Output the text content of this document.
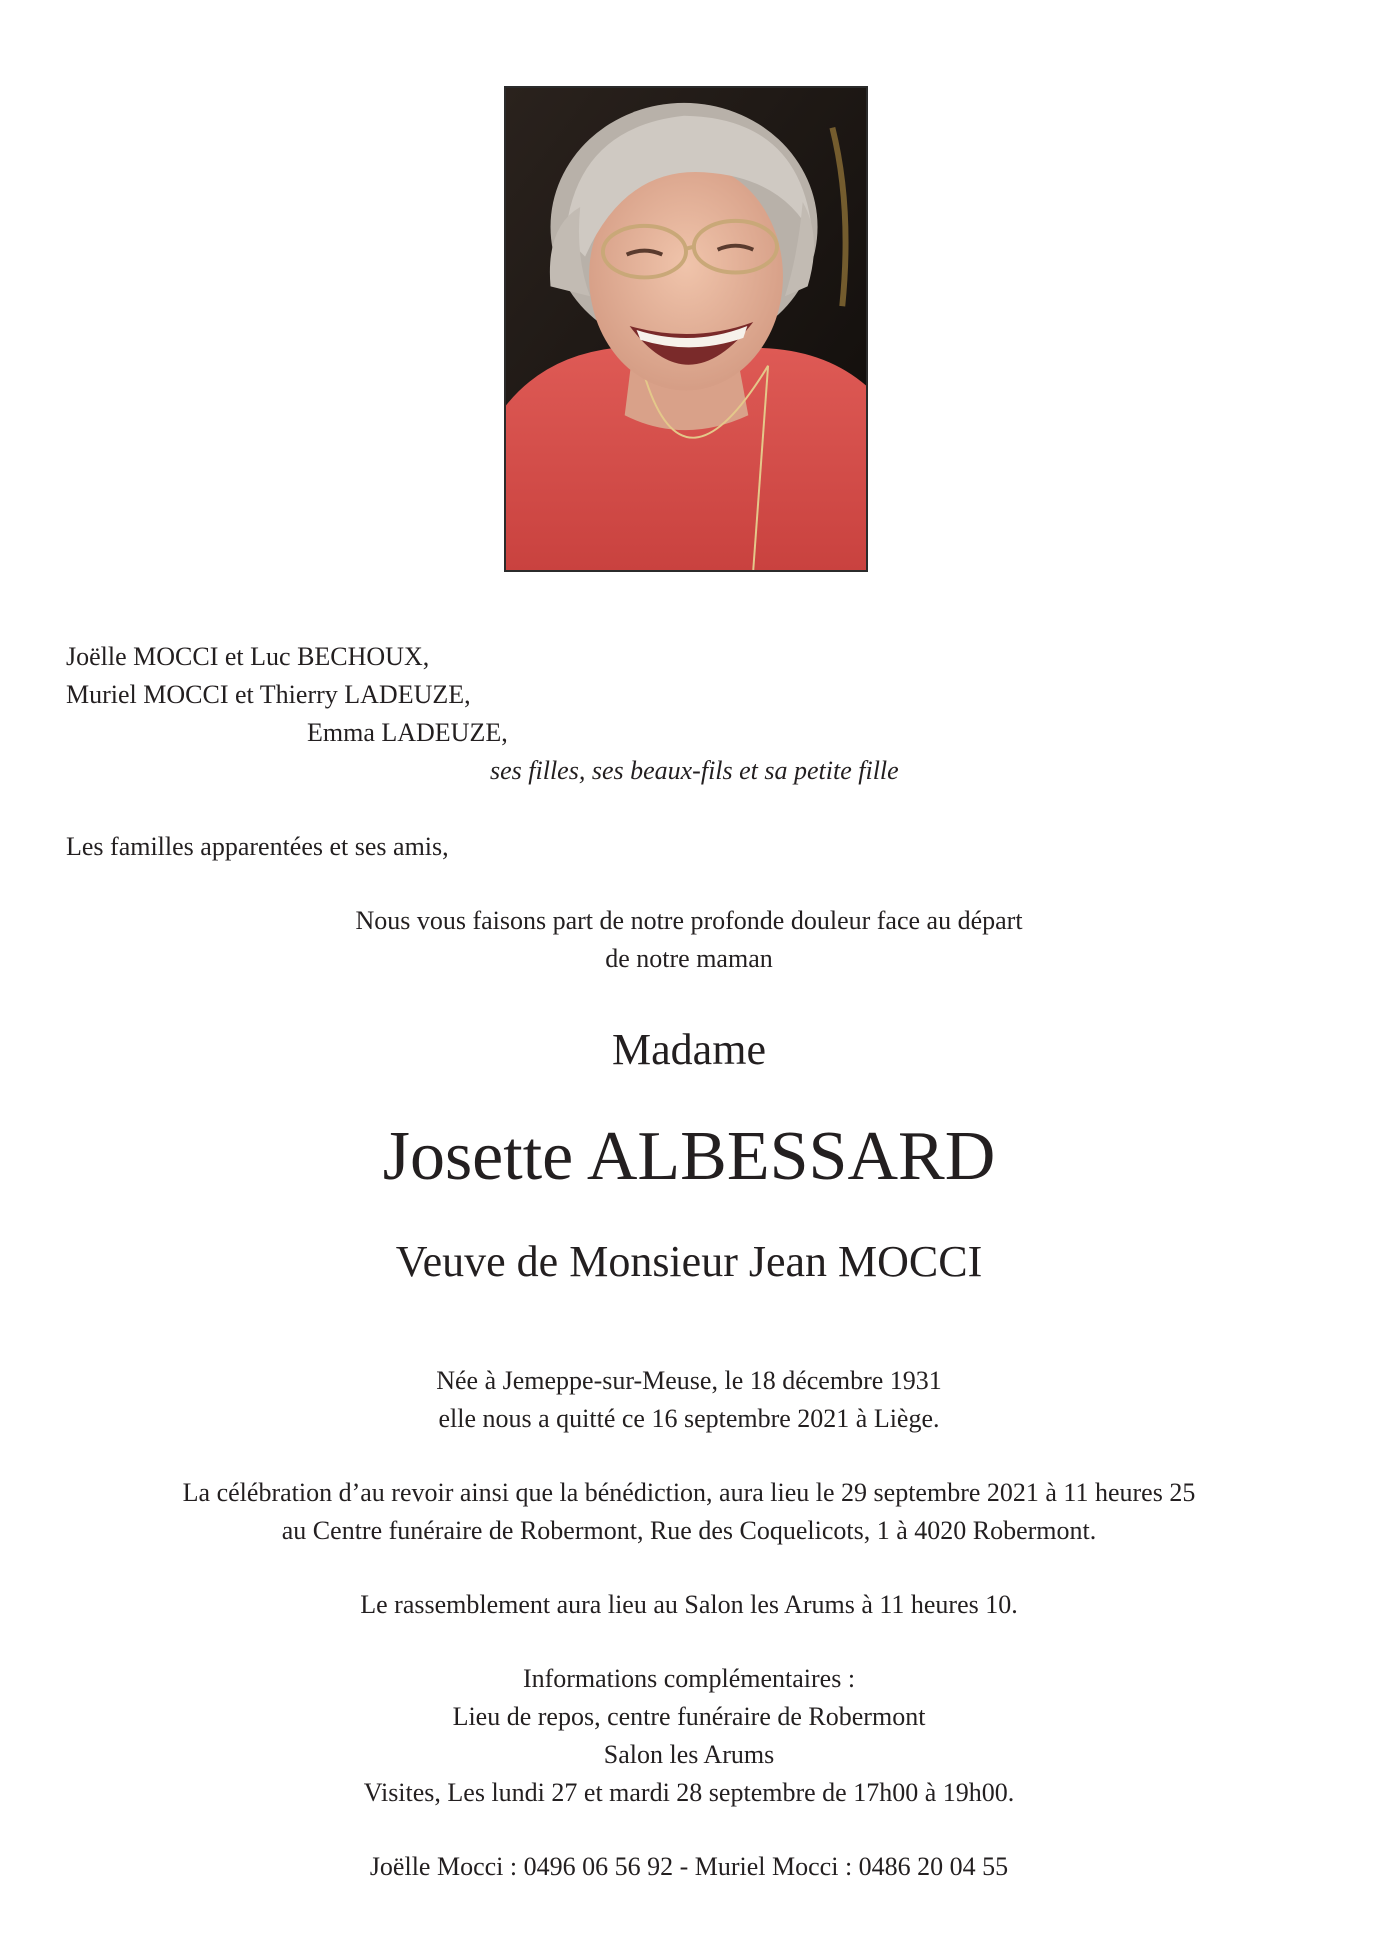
Joëlle MOCCI et Luc BECHOUX,
Muriel MOCCI et Thierry LADEUZE,
Emma LADEUZE,
ses filles, ses beaux-fils et sa petite fille
Les familles apparentées et ses amis,
Nous vous faisons part de notre profonde douleur face au départ
de notre maman
Madame
Josette ALBESSARD
Veuve de Monsieur Jean MOCCI
Née à Jemeppe-sur-Meuse, le 18 décembre 1931
elle nous a quitté ce 16 septembre 2021 à Liège.
La célébration d’au revoir ainsi que la bénédiction, aura lieu le 29 septembre 2021 à 11 heures 25
au Centre funéraire de Robermont, Rue des Coquelicots, 1 à 4020 Robermont.
Le rassemblement aura lieu au Salon les Arums à 11 heures 10.
Informations complémentaires :
Lieu de repos, centre funéraire de Robermont
Salon les Arums
Visites, Les lundi 27 et mardi 28 septembre de 17h00 à 19h00.
Joëlle Mocci : 0496 06 56 92 - Muriel Mocci : 0486 20 04 55
